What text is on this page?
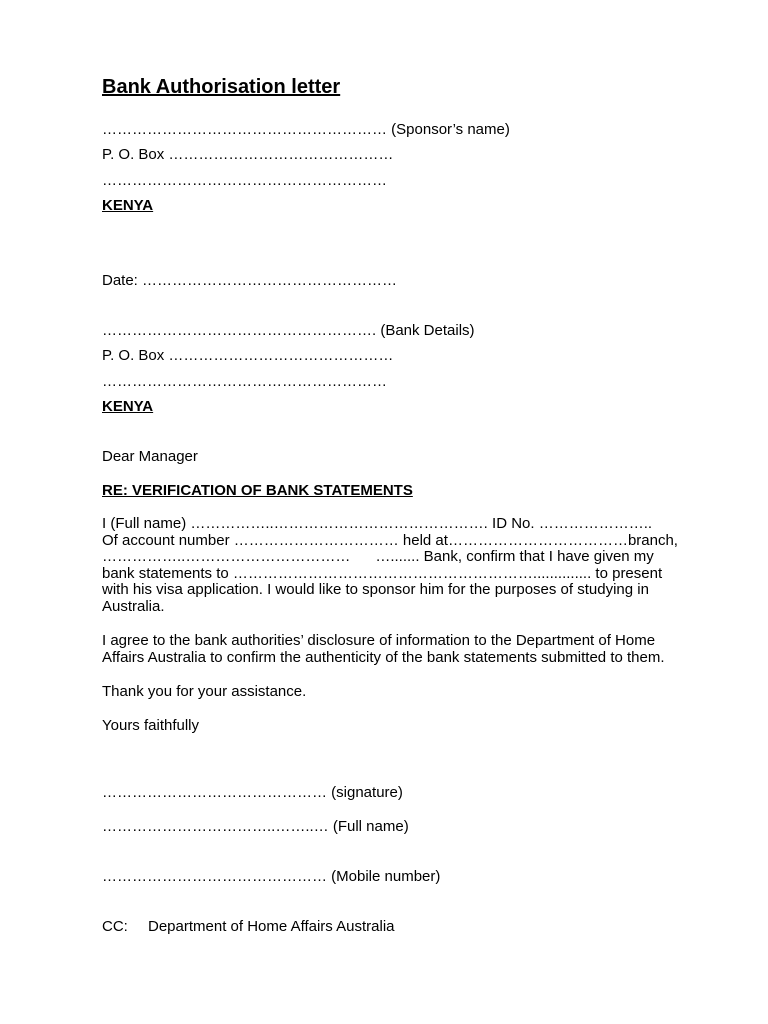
Bank Authorisation letter
………………………………………………… (Sponsor’s name)
P. O. Box ………………………………………
…………………………………………………
KENYA
Date: ……………………………………………
………………………………………………. (Bank Details)
P. O. Box ………………………………………
…………………………………………………
KENYA
Dear Manager
RE: VERIFICATION OF BANK STATEMENTS
I (Full name) ……………..……………………………………. ID No. …………………..
Of account number …………………………… held at………………………………branch,
……………..……………………………      …....... Bank, confirm that I have given my
bank statements to …………………………………………………….............. to present
with his visa application. I would like to sponsor him for the purposes of studying in
Australia.
I agree to the bank authorities’ disclosure of information to the Department of Home
Affairs Australia to confirm the authenticity of the bank statements submitted to them.
Thank you for your assistance.
Yours faithfully
……………………………………… (signature)
……………………………..……..… (Full name)
……………………………………… (Mobile number)
CC: Department of Home Affairs Australia
